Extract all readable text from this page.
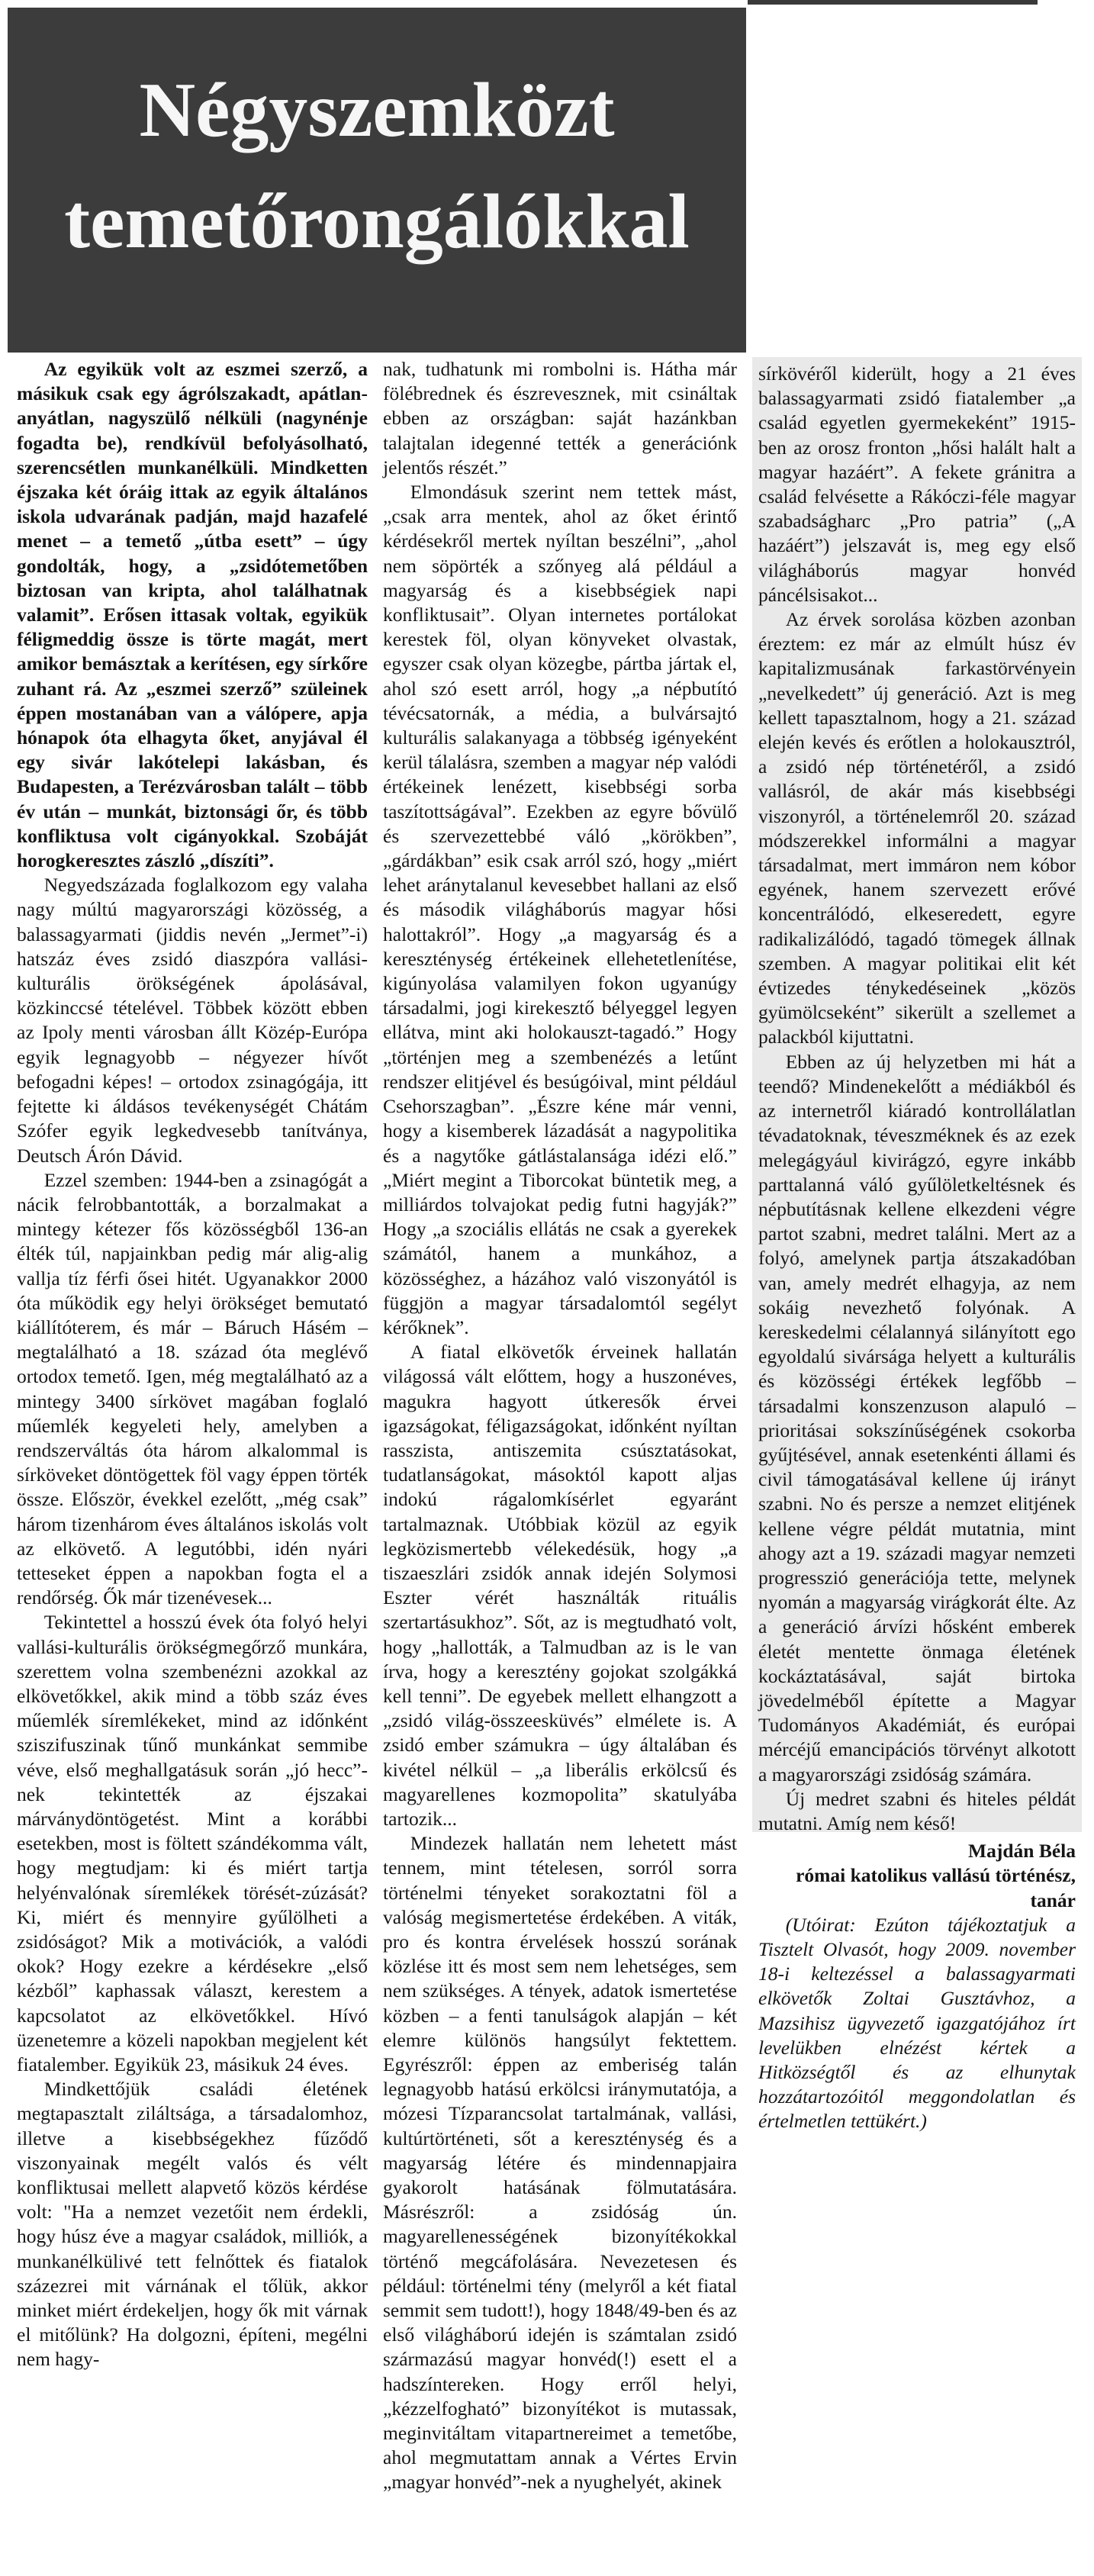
Négyszemközt
temetőrongálókkal

Az egyikük volt az eszmei szerző, a másikuk csak egy ágrólszakadt, apátlan-anyátlan, nagyszülő nélküli (nagynénje fogadta be), rendkívül befolyásolható, szerencsétlen munkanélküli. Mindketten éjszaka két óráig ittak az egyik általános iskola udvarának padján, majd hazafelé menet – a temető „útba esett” – úgy gondolták, hogy, a „zsidótemetőben biztosan van kripta, ahol találhatnak valamit”. Erősen ittasak voltak, egyikük féligmeddig össze is törte magát, mert amikor bemásztak a kerítésen, egy sírkőre zuhant rá. Az „eszmei szerző” szüleinek éppen mostanában van a válópere, apja hónapok óta elhagyta őket, anyjával él egy sivár lakótelepi lakásban, és Budapesten, a Terézvárosban talált – több év után – munkát, biztonsági őr, és több konfliktusa volt cigányokkal. Szobáját horogkeresztes zászló „díszíti”.

Negyedszázada foglalkozom egy valaha nagy múltú magyarországi közösség, a balassagyarmati (jiddis nevén „Jermet”-i) hatszáz éves zsidó diaszpóra vallási-kulturális örökségének ápolásával, közkinccsé tételével. Többek között ebben az Ipoly menti városban állt Közép-Európa egyik legnagyobb – négyezer hívőt befogadni képes! – ortodox zsinagógája, itt fejtette ki áldásos tevékenységét Chátám Szófer egyik legkedvesebb tanítványa, Deutsch Árón Dávid.

Ezzel szemben: 1944-ben a zsinagógát a nácik felrobbantották, a borzalmakat a mintegy kétezer fős közösségből 136-an élték túl, napjainkban pedig már alig-alig vallja tíz férfi ősei hitét. Ugyanakkor 2000 óta működik egy helyi örökséget bemutató kiállítóterem, és már – Báruch Hásém – megtalálható a 18. század óta meglévő ortodox temető. Igen, még megtalálható az a mintegy 3400 sírkövet magában foglaló műemlék kegyeleti hely, amelyben a rendszerváltás óta három alkalommal is sírköveket döntögettek föl vagy éppen törték össze. Először, évekkel ezelőtt, „még csak” három tizenhárom éves általános iskolás volt az elkövető. A legutóbbi, idén nyári tetteseket éppen a napokban fogta el a rendőrség. Ők már tizenévesek...

Tekintettel a hosszú évek óta folyó helyi vallási-kulturális örökségmegőrző munkára, szerettem volna szembenézni azokkal az elkövetőkkel, akik mind a több száz éves műemlék síremlékeket, mind az időnként sziszifuszinak tűnő munkánkat semmibe véve, első meghallgatásuk során „jó hecc”-nek tekintették az éjszakai márványdöntögetést. Mint a korábbi esetekben, most is föltett szándékomma vált, hogy megtudjam: ki és miért tartja helyénvalónak síremlékek törését-zúzását? Ki, miért és mennyire gyűlölheti a zsidóságot? Mik a motivációk, a valódi okok? Hogy ezekre a kérdésekre „első kézből” kaphassak választ, kerestem a kapcsolatot az elkövetőkkel. Hívó üzenetemre a közeli napokban megjelent két fiatalember. Egyikük 23, másikuk 24 éves.

Mindkettőjük családi életének megtapasztalt ziláltsága, a társadalomhoz, illetve a kisebbségekhez fűződő viszonyainak megélt valós és vélt konfliktusai mellett alapvető közös kérdése volt: "Ha a nemzet vezetőit nem érdekli, hogy húsz éve a magyar családok, milliók, a munkanélkülivé tett felnőttek és fiatalok százezrei mit várnának el tőlük, akkor minket miért érdekeljen, hogy ők mit várnak el mitőlünk? Ha dolgozni, építeni, megélni nem hagy-

nak, tudhatunk mi rombolni is. Hátha már fölébrednek és észrevesznek, mit csináltak ebben az országban: saját hazánkban talajtalan idegenné tették a generációnk jelentős részét.”

Elmondásuk szerint nem tettek mást, „csak arra mentek, ahol az őket érintő kérdésekről mertek nyíltan beszélni”, „ahol nem söpörték a szőnyeg alá például a magyarság és a kisebbségiek napi konfliktusait”. Olyan internetes portálokat kerestek föl, olyan könyveket olvastak, egyszer csak olyan közegbe, pártba jártak el, ahol szó esett arról, hogy „a népbutító tévécsatornák, a média, a bulvársajtó kulturális salakanyaga a többség igényeként kerül tálalásra, szemben a magyar nép valódi értékeinek lenézett, kisebbségi sorba taszítottságával”. Ezekben az egyre bővülő és szervezettebbé váló „körökben”, „gárdákban” esik csak arról szó, hogy „miért lehet aránytalanul kevesebbet hallani az első és második világháborús magyar hősi halottakról”. Hogy „a magyarság és a kereszténység értékeinek ellehetetlenítése, kigúnyolása valamilyen fokon ugyanúgy társadalmi, jogi kirekesztő bélyeggel legyen ellátva, mint aki holokauszt-tagadó.” Hogy „történjen meg a szembenézés a letűnt rendszer elitjével és besúgóival, mint például Csehorszagban”. „Észre kéne már venni, hogy a kisemberek lázadását a nagypolitika és a nagytőke gátlástalansága idézi elő.” „Miért megint a Tiborcokat büntetik meg, a milliárdos tolvajokat pedig futni hagyják?” Hogy „a szociális ellátás ne csak a gyerekek számától, hanem a munkához, a közösséghez, a házához való viszonyától is függjön a magyar társadalomtól segélyt kérőknek”.

A fiatal elkövetők érveinek hallatán világossá vált előttem, hogy a huszonéves, magukra hagyott útkeresők érvei igazságokat, féligazságokat, időnként nyíltan rasszista, antiszemita csúsztatásokat, tudatlanságokat, másoktól kapott aljas indokú rágalomkísérlet egyaránt tartalmaznak. Utóbbiak közül az egyik legközismertebb vélekedésük, hogy „a tiszaeszlári zsidók annak idején Solymosi Eszter vérét használták rituális szertartásukhoz”. Sőt, az is megtudható volt, hogy „hallották, a Talmudban az is le van írva, hogy a keresztény gojokat szolgákká kell tenni”. De egyebek mellett elhangzott a „zsidó világ-összeesküvés” elmélete is. A zsidó ember számukra – úgy általában és kivétel nélkül – „a liberális erkölcsű és magyarellenes kozmopolita” skatulyába tartozik...

Mindezek hallatán nem lehetett mást tennem, mint tételesen, sorról sorra történelmi tényeket sorakoztatni föl a valóság megismertetése érdekében. A viták, pro és kontra érvelések hosszú sorának közlése itt és most sem nem lehetséges, sem nem szükséges. A tények, adatok ismertetése közben – a fenti tanulságok alapján – két elemre különös hangsúlyt fektettem. Egyrészről: éppen az emberiség talán legnagyobb hatású erkölcsi iránymutatója, a mózesi Tízparancsolat tartalmának, vallási, kultúrtörténeti, sőt a kereszténység és a magyarság létére és mindennapjaira gyakorolt hatásának fölmutatására. Másrészről: a zsidóság ún. magyarellenességének bizonyítékokkal történő megcáfolására. Nevezetesen és például: történelmi tény (melyről a két fiatal semmit sem tudott!), hogy 1848/49-ben és az első világháború idején is számtalan zsidó származású magyar honvéd(!) esett el a hadszíntereken. Hogy erről helyi, „kézzelfogható” bizonyítékot is mutassak, meginvitáltam vitapartnereimet a temetőbe, ahol megmutattam annak a Vértes Ervin „magyar honvéd”-nek a nyughelyét, akinek

sírkövéről kiderült, hogy a 21 éves balassagyarmati zsidó fiatalember „a család egyetlen gyermekeként” 1915-ben az orosz fronton „hősi halált halt a magyar hazáért”. A fekete gránitra a család felvésette a Rákóczi-féle magyar szabadságharc „Pro patria” („A hazáért”) jelszavát is, meg egy első világháborús magyar honvéd páncélsisakot...

Az érvek sorolása közben azonban éreztem: ez már az elmúlt húsz év kapitalizmusának farkastörvényein „nevelkedett” új generáció. Azt is meg kellett tapasztalnom, hogy a 21. század elején kevés és erőtlen a holokausztról, a zsidó nép történetéről, a zsidó vallásról, de akár más kisebbségi viszonyról, a történelemről 20. század módszerekkel informálni a magyar társadalmat, mert immáron nem kóbor egyének, hanem szervezett erővé koncentrálódó, elkeseredett, egyre radikalizálódó, tagadó tömegek állnak szemben. A magyar politikai elit két évtizedes ténykedéseinek „közös gyümölcseként” sikerült a szellemet a palackból kijuttatni.

Ebben az új helyzetben mi hát a teendő? Mindenekelőtt a médiákból és az internetről kiáradó kontrollálatlan tévadatoknak, téveszméknek és az ezek melegágyául kivirágzó, egyre inkább parttalanná váló gyűlöletkeltésnek és népbutításnak kellene elkezdeni végre partot szabni, medret találni. Mert az a folyó, amelynek partja átszakadóban van, amely medrét elhagyja, az nem sokáig nevezhető folyónak. A kereskedelmi célalannyá silányított ego egyoldalú sivársága helyett a kulturális és közösségi értékek legfőbb – társadalmi konszenzuson alapuló – prioritásai sokszínűségének csokorba gyűjtésével, annak esetenkénti állami és civil támogatásával kellene új irányt szabni. No és persze a nemzet elitjének kellene végre példát mutatnia, mint ahogy azt a 19. századi magyar nemzeti progresszió generációja tette, melynek nyomán a magyarság virágkorát élte. Az a generáció árvízi hősként emberek életét mentette önmaga életének kockáztatásával, saját birtoka jövedelméből építette a Magyar Tudományos Akadémiát, és európai mércéjű emancipációs törvényt alkotott a magyarországi zsidóság számára.

Új medret szabni és hiteles példát mutatni. Amíg nem késő!

Majdán Béla

római katolikus vallású történész, tanár

(Utóirat: Ezúton tájékoztatjuk a Tisztelt Olvasót, hogy 2009. november 18-i keltezéssel a balassagyarmati elkövetők Zoltai Gusztávhoz, a Mazsihisz ügyvezető igazgatójához írt levelükben elnézést kértek a Hitközségtől és az elhunytak hozzátartozóitól meggondolatlan és értelmetlen tettükért.)
